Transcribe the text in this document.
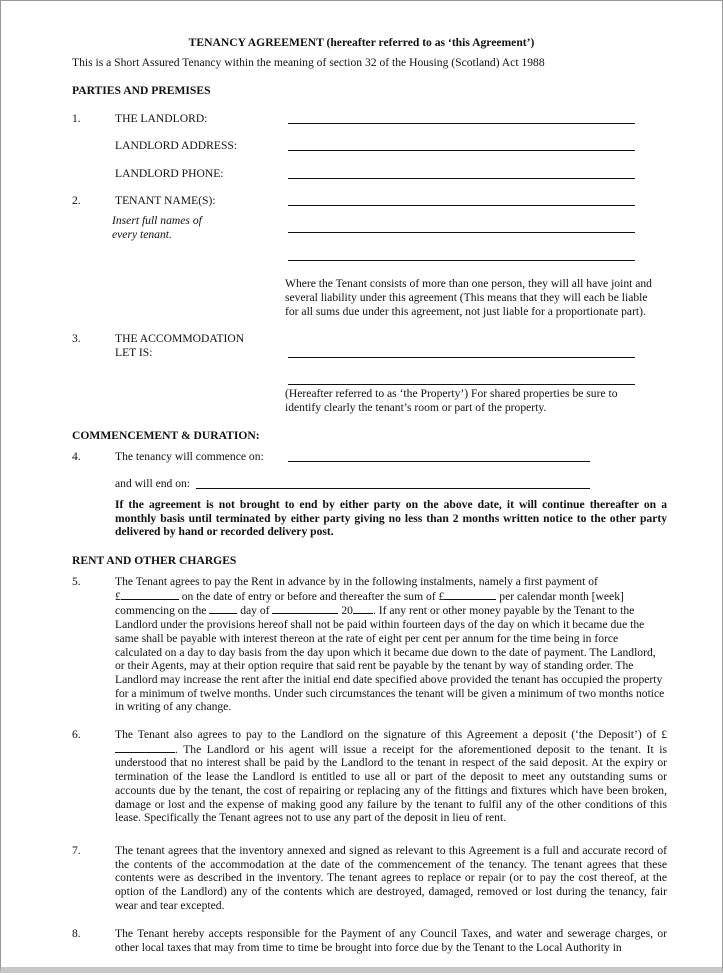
TENANCY AGREEMENT (hereafter referred to as ‘this Agreement’)
This is a Short Assured Tenancy within the meaning of section 32 of the Housing (Scotland) Act 1988
PARTIES AND PREMISES
1.	THE LANDLORD:
LANDLORD ADDRESS:
LANDLORD PHONE:
2.	TENANT NAME(S):
Insert full names of
every tenant.
Where the Tenant consists of more than one person, they will all have joint and
several liability under this agreement (This means that they will each be liable
for all sums due under this agreement, not just liable for a proportionate part).
3.	THE ACCOMMODATION
LET IS:
(Hereafter referred to as ‘the Property’) For shared properties be sure to
identify clearly the tenant’s room or part of the property.
COMMENCEMENT & DURATION:
4.	The tenancy will commence on:
and will end on:
If the agreement is not brought to end by either party on the above date, it will continue thereafter on a monthly basis until terminated by either party giving no less than 2 months written notice to the other party delivered by hand or recorded delivery post.
RENT AND OTHER CHARGES
5.	The Tenant agrees to pay the Rent in advance by in the following instalments, namely a first payment of
£	on the date of entry or before and thereafter the sum of £	per calendar month [week]
commencing on the  day of	20 . If any rent or other money payable by the Tenant to the
Landlord under the provisions hereof shall not be paid within fourteen days of the day on which it became due the same shall be payable with interest thereon at the rate of eight per cent per annum for the time being in force calculated on a day to day basis from the day upon which it became due down to the date of payment. The Landlord, or their Agents, may at their option require that said rent be payable by the tenant by way of standing order. The Landlord may increase the rent after the initial end date specified above provided the tenant has occupied the property for a minimum of twelve months. Under such circumstances the tenant will be given a minimum of two months notice in writing of any change.
6.	The Tenant also agrees to pay to the Landlord on the signature of this Agreement a deposit (‘the Deposit’) of £. The Landlord or his agent will issue a receipt for the aforementioned deposit to the tenant. It is understood that no interest shall be paid by the Landlord to the tenant in respect of the said deposit. At the expiry or termination of the lease the Landlord is entitled to use all or part of the deposit to meet any outstanding sums or accounts due by the tenant, the cost of repairing or replacing any of the fittings and fixtures which have been broken, damage or lost and the expense of making good any failure by the tenant to fulfil any of the other conditions of this lease. Specifically the Tenant agrees not to use any part of the deposit in lieu of rent.
7.	The tenant agrees that the inventory annexed and signed as relevant to this Agreement is a full and accurate record of the contents of the accommodation at the date of the commencement of the tenancy. The tenant agrees that these contents were as described in the inventory. The tenant agrees to replace or repair (or to pay the cost thereof, at the option of the Landlord) any of the contents which are destroyed, damaged, removed or lost during the tenancy, fair wear and tear excepted.
8.	The Tenant hereby accepts responsible for the Payment of any Council Taxes, and water and sewerage charges, or other local taxes that may from time to time be brought into force due by the Tenant to the Local Authority in
